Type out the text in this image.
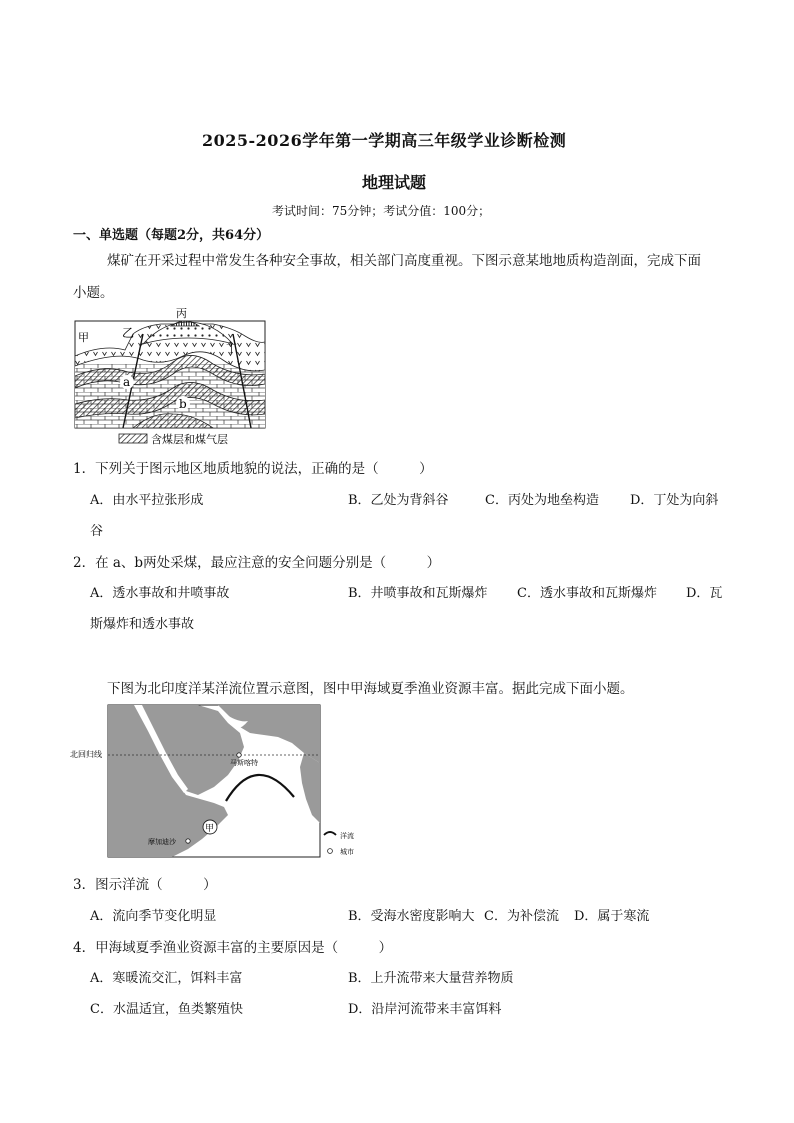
2025-2026学年第一学期高三年级学业诊断检测
地理试题
考试时间：75分钟；考试分值：100分；
一、单选题（每题2分，共64分）
煤矿在开采过程中常发生各种安全事故，相关部门高度重视。下图示意某地地质构造剖面，完成下面
小题。
丙
甲	乙
丁
a
b
含煤层和煤气层
1．下列关于图示地区地质地貌的说法，正确的是（　　　）
A．由水平拉张形成	B．乙处为背斜谷	C．丙处为地垒构造 D．丁处为向斜
谷
2．在 a、b两处采煤，最应注意的安全问题分别是（　　　）
A．透水事故和井喷事故	B．井喷事故和瓦斯爆炸 C．透水事故和瓦斯爆炸 D．瓦
斯爆炸和透水事故
下图为北印度洋某洋流位置示意图，图中甲海域夏季渔业资源丰富。据此完成下面小题。
北回归线
马斯喀特
甲
摩加迪沙
洋流
城市
3．图示洋流（　　　）
A．流向季节变化明显	B．受海水密度影响大 C．为补偿流 D．属于寒流
4．甲海域夏季渔业资源丰富的主要原因是（　　　）
A．寒暖流交汇，饵料丰富	B．上升流带来大量营养物质
C．水温适宜，鱼类繁殖快	D．沿岸河流带来丰富饵料
